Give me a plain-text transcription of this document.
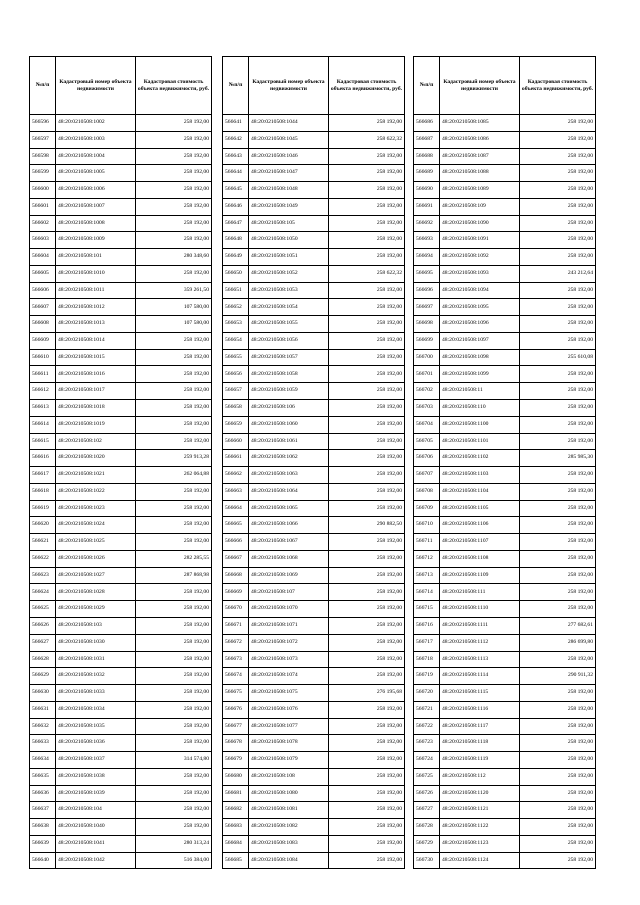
№п/п	Кадастровый номер объекта недвижимости	Кадастровая стоимость объекта недвижимости, руб.
566596	48:20:0210508:1002	258 192,00
566597	48:20:0210508:1003	258 192,00
566598	48:20:0210508:1004	258 192,00
566599	48:20:0210508:1005	258 192,00
566600	48:20:0210508:1006	258 192,00
566601	48:20:0210508:1007	258 192,00
566602	48:20:0210508:1008	258 192,00
566603	48:20:0210508:1009	258 192,00
566604	48:20:0210508:101	280 348,60
566605	48:20:0210508:1010	258 192,00
566606	48:20:0210508:1011	359 261,50
566607	48:20:0210508:1012	107 580,00
566608	48:20:0210508:1013	107 580,00
566609	48:20:0210508:1014	258 192,00
566610	48:20:0210508:1015	258 192,00
566611	48:20:0210508:1016	258 192,00
566612	48:20:0210508:1017	258 192,00
566613	48:20:0210508:1018	258 192,00
566614	48:20:0210508:1019	258 192,00
566615	48:20:0210508:102	258 192,00
566616	48:20:0210508:1020	259 913,28
566617	48:20:0210508:1021	262 064,88
566618	48:20:0210508:1022	258 192,00
566619	48:20:0210508:1023	258 192,00
566620	48:20:0210508:1024	258 192,00
566621	48:20:0210508:1025	258 192,00
566622	48:20:0210508:1026	282 285,55
566623	48:20:0210508:1027	287 868,98
566624	48:20:0210508:1028	258 192,00
566625	48:20:0210508:1029	258 192,00
566626	48:20:0210508:103	258 192,00
566627	48:20:0210508:1030	258 192,00
566628	48:20:0210508:1031	258 192,00
566629	48:20:0210508:1032	258 192,00
566630	48:20:0210508:1033	258 192,00
566631	48:20:0210508:1034	258 192,00
566632	48:20:0210508:1035	258 192,00
566633	48:20:0210508:1036	258 192,00
566634	48:20:0210508:1037	314 574,80
566635	48:20:0210508:1038	258 192,00
566636	48:20:0210508:1039	258 192,00
566637	48:20:0210508:104	258 192,00
566638	48:20:0210508:1040	258 192,00
566639	48:20:0210508:1041	280 313,24
566640	48:20:0210508:1042	516 384,00
№п/п	Кадастровый номер объекта недвижимости	Кадастровая стоимость объекта недвижимости, руб.
566641	48:20:0210508:1044	258 192,00
566642	48:20:0210508:1045	258 622,32
566643	48:20:0210508:1046	258 192,00
566644	48:20:0210508:1047	258 192,00
566645	48:20:0210508:1048	258 192,00
566646	48:20:0210508:1049	258 192,00
566647	48:20:0210508:105	258 192,00
566648	48:20:0210508:1050	258 192,00
566649	48:20:0210508:1051	258 192,00
566650	48:20:0210508:1052	258 622,32
566651	48:20:0210508:1053	258 192,00
566652	48:20:0210508:1054	258 192,00
566653	48:20:0210508:1055	258 192,00
566654	48:20:0210508:1056	258 192,00
566655	48:20:0210508:1057	258 192,00
566656	48:20:0210508:1058	258 192,00
566657	48:20:0210508:1059	258 192,00
566658	48:20:0210508:106	258 192,00
566659	48:20:0210508:1060	258 192,00
566660	48:20:0210508:1061	258 192,00
566661	48:20:0210508:1062	258 192,00
566662	48:20:0210508:1063	258 192,00
566663	48:20:0210508:1064	258 192,00
566664	48:20:0210508:1065	258 192,00
566665	48:20:0210508:1066	290 882,50
566666	48:20:0210508:1067	258 192,00
566667	48:20:0210508:1068	258 192,00
566668	48:20:0210508:1069	258 192,00
566669	48:20:0210508:107	258 192,00
566670	48:20:0210508:1070	258 192,00
566671	48:20:0210508:1071	258 192,00
566672	48:20:0210508:1072	258 192,00
566673	48:20:0210508:1073	258 192,00
566674	48:20:0210508:1074	258 192,00
566675	48:20:0210508:1075	276 195,68
566676	48:20:0210508:1076	258 192,00
566677	48:20:0210508:1077	258 192,00
566678	48:20:0210508:1078	258 192,00
566679	48:20:0210508:1079	258 192,00
566680	48:20:0210508:108	258 192,00
566681	48:20:0210508:1080	258 192,00
566682	48:20:0210508:1081	258 192,00
566683	48:20:0210508:1082	258 192,00
566684	48:20:0210508:1083	258 192,00
566685	48:20:0210508:1084	258 192,00
№п/п	Кадастровый номер объекта недвижимости	Кадастровая стоимость объекта недвижимости, руб.
566686	48:20:0210508:1085	258 192,00
566687	48:20:0210508:1086	258 192,00
566688	48:20:0210508:1087	258 192,00
566689	48:20:0210508:1088	258 192,00
566690	48:20:0210508:1089	258 192,00
566691	48:20:0210508:109	258 192,00
566692	48:20:0210508:1090	258 192,00
566693	48:20:0210508:1091	258 192,00
566694	48:20:0210508:1092	258 192,00
566695	48:20:0210508:1093	243 212,64
566696	48:20:0210508:1094	258 192,00
566697	48:20:0210508:1095	258 192,00
566698	48:20:0210508:1096	258 192,00
566699	48:20:0210508:1097	258 192,00
566700	48:20:0210508:1098	255 610,08
566701	48:20:0210508:1099	258 192,00
566702	48:20:0210508:11	258 192,00
566703	48:20:0210508:110	258 192,00
566704	48:20:0210508:1100	258 192,00
566705	48:20:0210508:1101	258 192,00
566706	48:20:0210508:1102	285 985,30
566707	48:20:0210508:1103	258 192,00
566708	48:20:0210508:1104	258 192,00
566709	48:20:0210508:1105	258 192,00
566710	48:20:0210508:1106	258 192,00
566711	48:20:0210508:1107	258 192,00
566712	48:20:0210508:1108	258 192,00
566713	48:20:0210508:1109	258 192,00
566714	48:20:0210508:111	258 192,00
566715	48:20:0210508:1110	258 192,00
566716	48:20:0210508:1111	277 682,61
566717	48:20:0210508:1112	286 699,80
566718	48:20:0210508:1113	258 192,00
566719	48:20:0210508:1114	290 911,32
566720	48:20:0210508:1115	258 192,00
566721	48:20:0210508:1116	258 192,00
566722	48:20:0210508:1117	258 192,00
566723	48:20:0210508:1118	258 192,00
566724	48:20:0210508:1119	258 192,00
566725	48:20:0210508:112	258 192,00
566726	48:20:0210508:1120	258 192,00
566727	48:20:0210508:1121	258 192,00
566728	48:20:0210508:1122	258 192,00
566729	48:20:0210508:1123	258 192,00
566730	48:20:0210508:1124	258 192,00
